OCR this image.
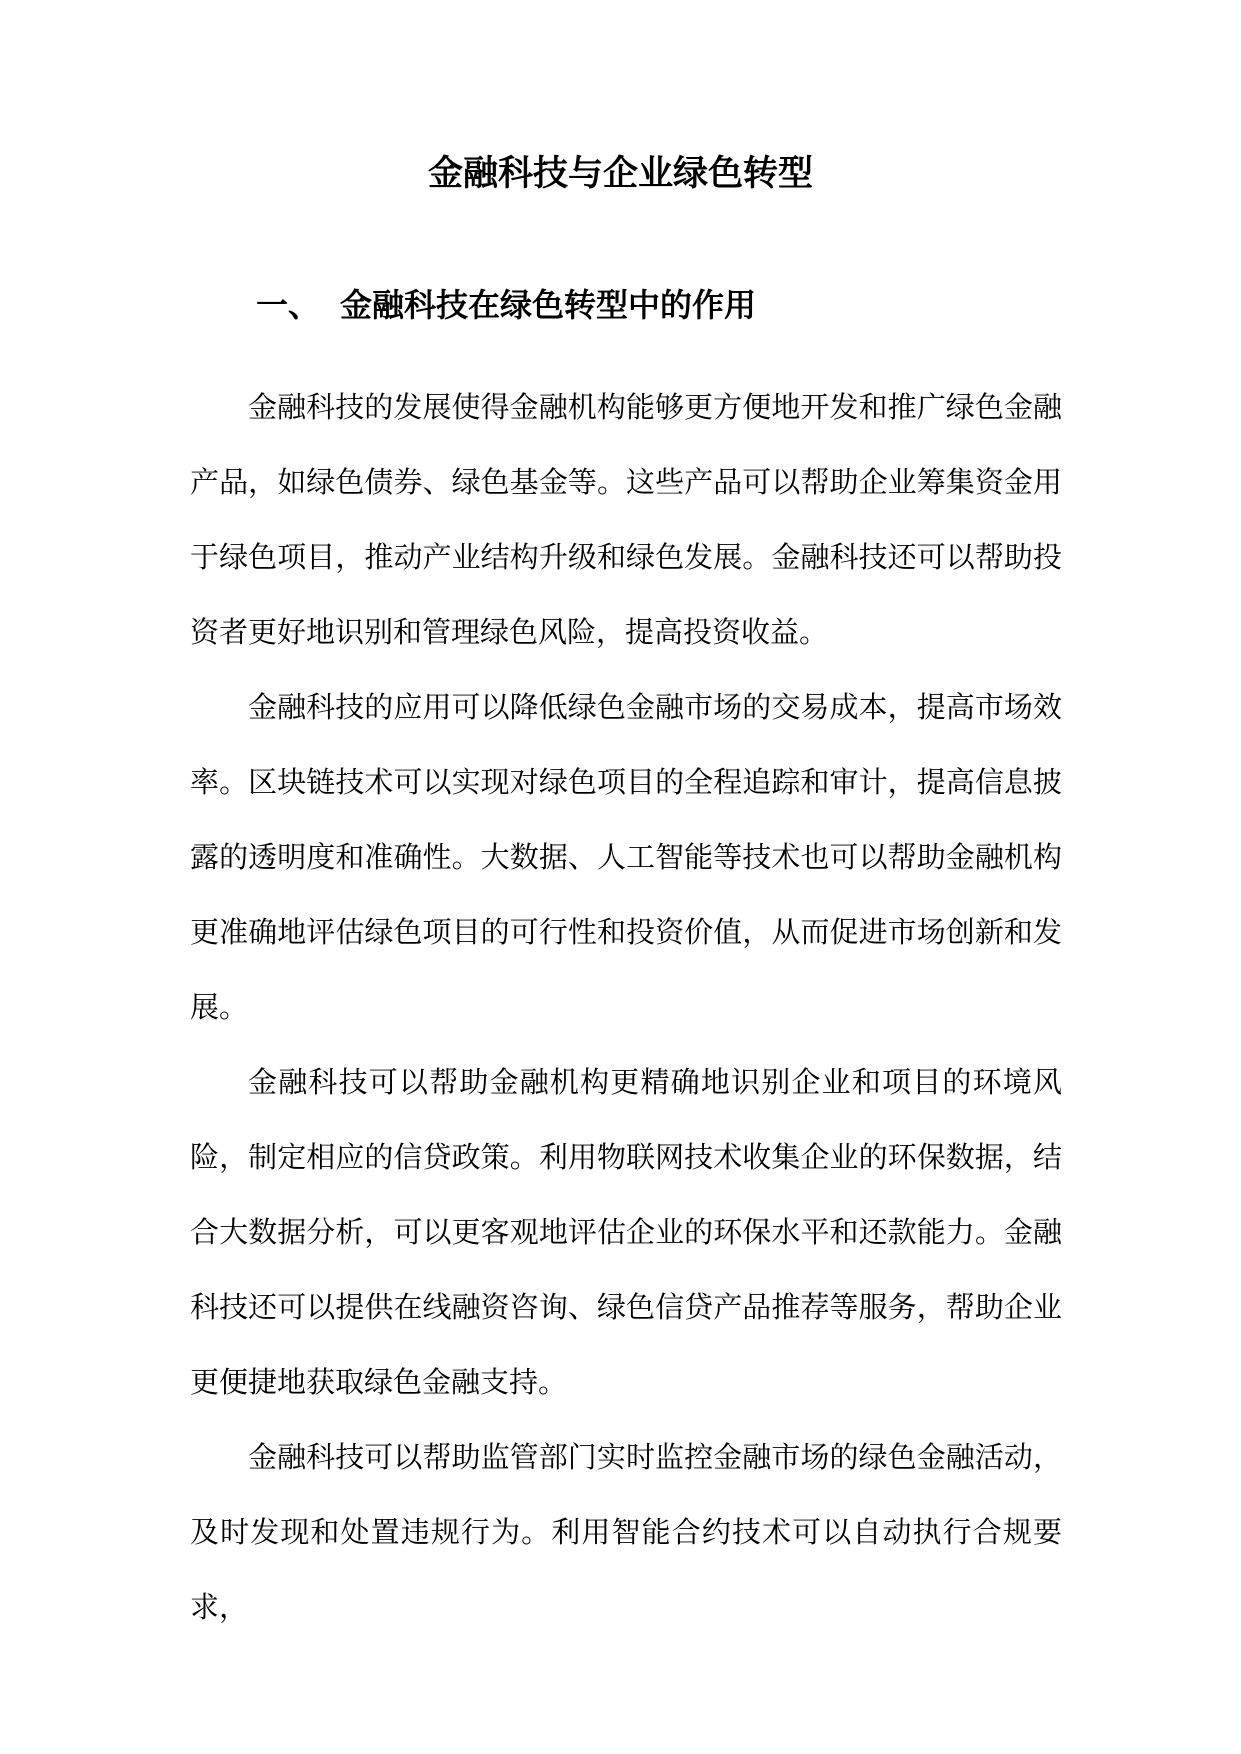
金融科技与企业绿色转型
一、 金融科技在绿色转型中的作用

金融科技的发展使得金融机构能够更方便地开发和推广绿色金融产品，如绿色债券、绿色基金等。这些产品可以帮助企业筹集资金用于绿色项目，推动产业结构升级和绿色发展。金融科技还可以帮助投资者更好地识别和管理绿色风险，提高投资收益。

金融科技的应用可以降低绿色金融市场的交易成本，提高市场效率。区块链技术可以实现对绿色项目的全程追踪和审计，提高信息披露的透明度和准确性。大数据、人工智能等技术也可以帮助金融机构更准确地评估绿色项目的可行性和投资价值，从而促进市场创新和发展。

金融科技可以帮助金融机构更精确地识别企业和项目的环境风险，制定相应的信贷政策。利用物联网技术收集企业的环保数据，结合大数据分析，可以更客观地评估企业的环保水平和还款能力。金融科技还可以提供在线融资咨询、绿色信贷产品推荐等服务，帮助企业更便捷地获取绿色金融支持。

金融科技可以帮助监管部门实时监控金融市场的绿色金融活动，及时发现和处置违规行为。利用智能合约技术可以自动执行合规要求，
